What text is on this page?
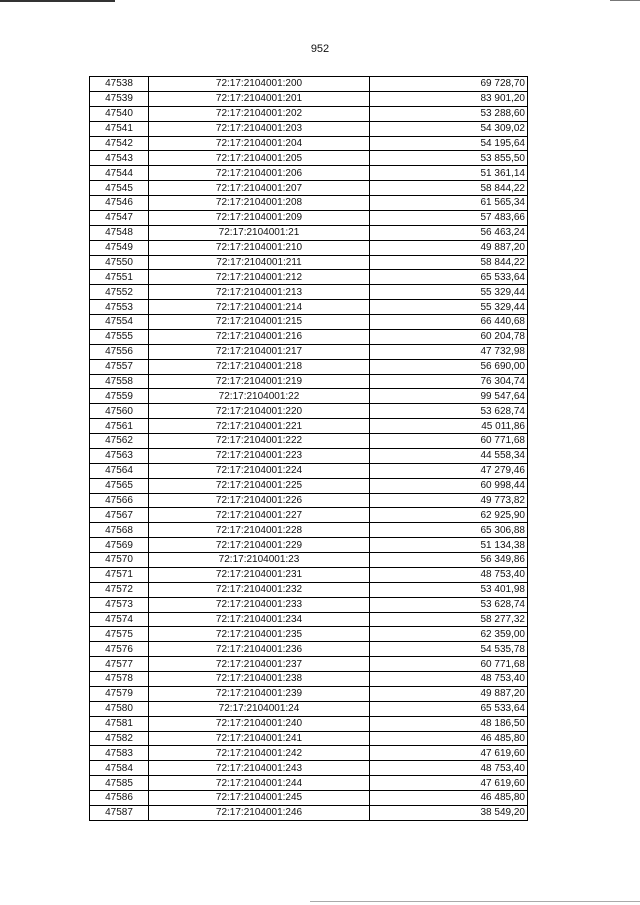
952
47538	72:17:2104001:200	69 728,70
47539	72:17:2104001:201	83 901,20
47540	72:17:2104001:202	53 288,60
47541	72:17:2104001:203	54 309,02
47542	72:17:2104001:204	54 195,64
47543	72:17:2104001:205	53 855,50
47544	72:17:2104001:206	51 361,14
47545	72:17:2104001:207	58 844,22
47546	72:17:2104001:208	61 565,34
47547	72:17:2104001:209	57 483,66
47548	72:17:2104001:21	56 463,24
47549	72:17:2104001:210	49 887,20
47550	72:17:2104001:211	58 844,22
47551	72:17:2104001:212	65 533,64
47552	72:17:2104001:213	55 329,44
47553	72:17:2104001:214	55 329,44
47554	72:17:2104001:215	66 440,68
47555	72:17:2104001:216	60 204,78
47556	72:17:2104001:217	47 732,98
47557	72:17:2104001:218	56 690,00
47558	72:17:2104001:219	76 304,74
47559	72:17:2104001:22	99 547,64
47560	72:17:2104001:220	53 628,74
47561	72:17:2104001:221	45 011,86
47562	72:17:2104001:222	60 771,68
47563	72:17:2104001:223	44 558,34
47564	72:17:2104001:224	47 279,46
47565	72:17:2104001:225	60 998,44
47566	72:17:2104001:226	49 773,82
47567	72:17:2104001:227	62 925,90
47568	72:17:2104001:228	65 306,88
47569	72:17:2104001:229	51 134,38
47570	72:17:2104001:23	56 349,86
47571	72:17:2104001:231	48 753,40
47572	72:17:2104001:232	53 401,98
47573	72:17:2104001:233	53 628,74
47574	72:17:2104001:234	58 277,32
47575	72:17:2104001:235	62 359,00
47576	72:17:2104001:236	54 535,78
47577	72:17:2104001:237	60 771,68
47578	72:17:2104001:238	48 753,40
47579	72:17:2104001:239	49 887,20
47580	72:17:2104001:24	65 533,64
47581	72:17:2104001:240	48 186,50
47582	72:17:2104001:241	46 485,80
47583	72:17:2104001:242	47 619,60
47584	72:17:2104001:243	48 753,40
47585	72:17:2104001:244	47 619,60
47586	72:17:2104001:245	46 485,80
47587	72:17:2104001:246	38 549,20
